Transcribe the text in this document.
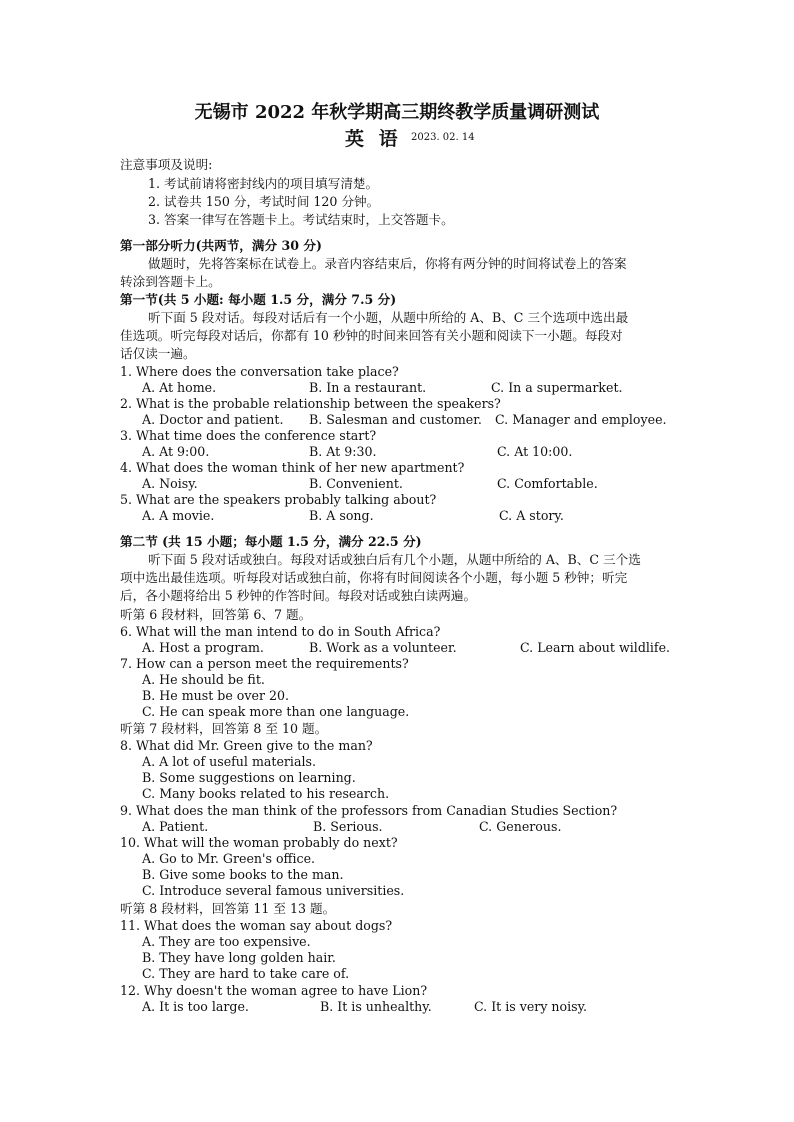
无锡市 2022 年秋学期高三期终教学质量调研测试
英 语 2023. 02. 14
注意事项及说明:
1. 考试前请将密封线内的项目填写清楚。
2. 试卷共 150 分，考试时间 120 分钟。
3. 答案一律写在答题卡上。考试结束时，上交答题卡。
第一部分听力(共两节，满分 30 分)
做题时，先将答案标在试卷上。录音内容结束后，你将有两分钟的时间将试卷上的答案
转涂到答题卡上。
第一节(共 5 小题: 每小题 1.5 分，满分 7.5 分)
听下面 5 段对话。每段对话后有一个小题，从题中所给的 A、B、C 三个选项中选出最
佳选项。听完每段对话后，你都有 10 秒钟的时间来回答有关小题和阅读下一小题。每段对
话仅读一遍。
1. Where does the conversation take place?
A. At home.	B. In a restaurant.	C. In a supermarket.
2. What is the probable relationship between the speakers?
A. Doctor and patient. B. Salesman and customer. C. Manager and employee.
3. What time does the conference start?
A. At 9:00.	B. At 9:30.	C. At 10:00.
4. What does the woman think of her new apartment?
A. Noisy.	B. Convenient.	C. Comfortable.
5. What are the speakers probably talking about?
A. A movie.	B. A song.	C. A story.
第二节 (共 15 小题；每小题 1.5 分，满分 22.5 分)
听下面 5 段对话或独白。每段对话或独白后有几个小题，从题中所给的 A、B、C 三个选
项中选出最佳选项。听每段对话或独白前，你将有时间阅读各个小题，每小题 5 秒钟；听完
后，各小题将给出 5 秒钟的作答时间。每段对话或独白读两遍。
听第 6 段材料，回答第 6、7 题。
6. What will the man intend to do in South Africa?
A. Host a program.	B. Work as a volunteer.	C. Learn about wildlife.
7. How can a person meet the requirements?
A. He should be fit.
B. He must be over 20.
C. He can speak more than one language.
听第 7 段材料，回答第 8 至 10 题。
8. What did Mr. Green give to the man?
A. A lot of useful materials.
B. Some suggestions on learning.
C. Many books related to his research.
9. What does the man think of the professors from Canadian Studies Section?
A. Patient.	B. Serious.	C. Generous.
10. What will the woman probably do next?
A. Go to Mr. Green's office.
B. Give some books to the man.
C. Introduce several famous universities.
听第 8 段材料，回答第 11 至 13 题。
11. What does the woman say about dogs?
A. They are too expensive.
B. They have long golden hair.
C. They are hard to take care of.
12. Why doesn't the woman agree to have Lion?
A. It is too large.	B. It is unhealthy.	C. It is very noisy.
